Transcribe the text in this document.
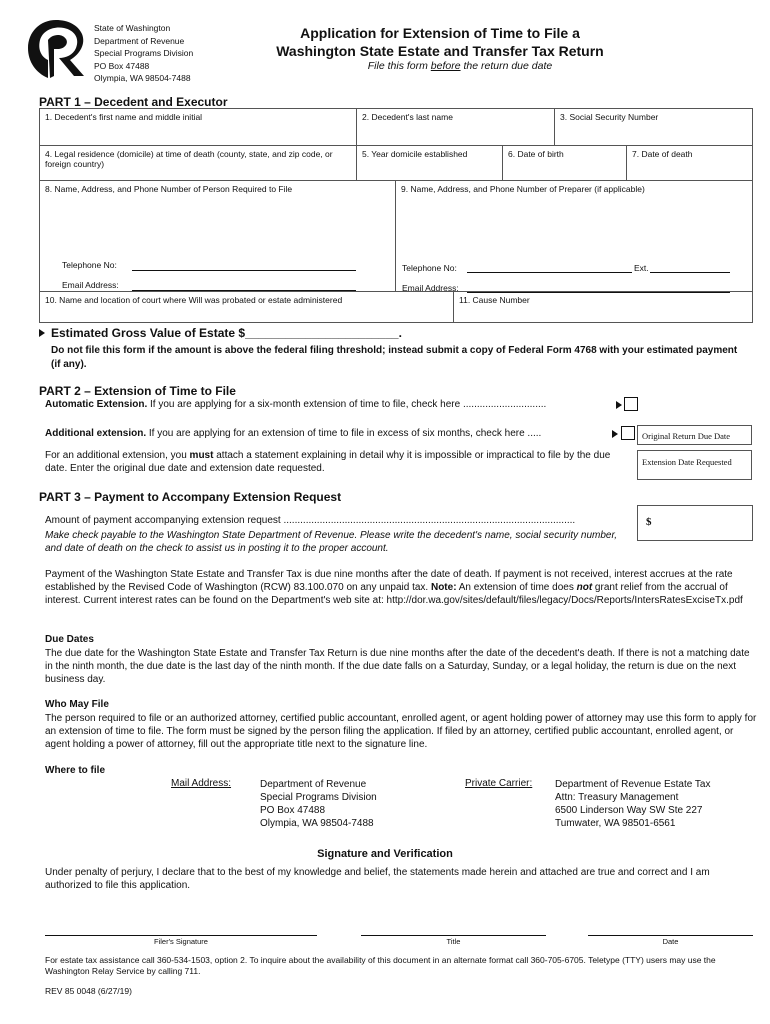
State of Washington
Department of Revenue
Special Programs Division
PO Box 47488
Olympia, WA 98504-7488
Application for Extension of Time to File a
Washington State Estate and Transfer Tax Return
File this form before the return due date
PART 1 – Decedent and Executor
1. Decedent's first name and middle initial	2. Decedent's last name	3. Social Security Number
4. Legal residence (domicile) at time of death (county, state, and zip code, or foreign country)
5. Year domicile established	6. Date of birth	7. Date of death
8. Name, Address, and Phone Number of Person Required to File	9. Name, Address, and Phone Number of Preparer (if applicable)
Telephone No:
Email Address:
Telephone No:	Ext.
Email Address:
10. Name and location of court where Will was probated or estate administered	11. Cause Number
Estimated Gross Value of Estate $_______________________.
Do not file this form if the amount is above the federal filing threshold; instead submit a copy of Federal Form 4768 with your estimated payment (if any).
PART 2 – Extension of Time to File
Automatic Extension. If you are applying for a six-month extension of time to file, check here ..............................
Additional extension. If you are applying for an extension of time to file in excess of six months, check here .....	Original Return Due Date
Extension Date Requested
For an additional extension, you must attach a statement explaining in detail why it is impossible or impractical to file by the due date. Enter the original due date and extension date requested.
PART 3 – Payment to Accompany Extension Request
Amount of payment accompanying extension request .........................................................................................................	$
Make check payable to the Washington State Department of Revenue. Please write the decedent's name, social security number, and date of death on the check to assist us in posting it to the proper account.
Payment of the Washington State Estate and Transfer Tax is due nine months after the date of death. If payment is not received, interest accrues at the rate established by the Revised Code of Washington (RCW) 83.100.070 on any unpaid tax. Note: An extension of time does not grant relief from the accrual of interest. Current interest rates can be found on the Department's web site at: http://dor.wa.gov/sites/default/files/legacy/Docs/Reports/IntersRatesExciseTx.pdf
Due Dates
The due date for the Washington State Estate and Transfer Tax Return is due nine months after the date of the decedent's death. If there is not a matching date in the ninth month, the due date is the last day of the ninth month. If the due date falls on a Saturday, Sunday, or a legal holiday, the return is due on the next business day.
Who May File
The person required to file or an authorized attorney, certified public accountant, enrolled agent, or agent holding power of attorney may use this form to apply for an extension of time to file. The form must be signed by the person filing the application. If filed by an attorney, certified public accountant, enrolled agent, or agent holding a power of attorney, fill out the appropriate title next to the signature line.
Where to file
Mail Address:	Department of Revenue
Special Programs Division
PO Box 47488
Olympia, WA 98504-7488
Private Carrier: Department of Revenue Estate Tax
Attn: Treasury Management
6500 Linderson Way SW Ste 227
Tumwater, WA 98501-6561
Signature and Verification
Under penalty of perjury, I declare that to the best of my knowledge and belief, the statements made herein and attached are true and correct and I am authorized to file this application.
Filer's Signature	Title	Date
For estate tax assistance call 360-534-1503, option 2. To inquire about the availability of this document in an alternate format call 360-705-6705. Teletype (TTY) users may use the Washington Relay Service by calling 711.
REV 85 0048 (6/27/19)
